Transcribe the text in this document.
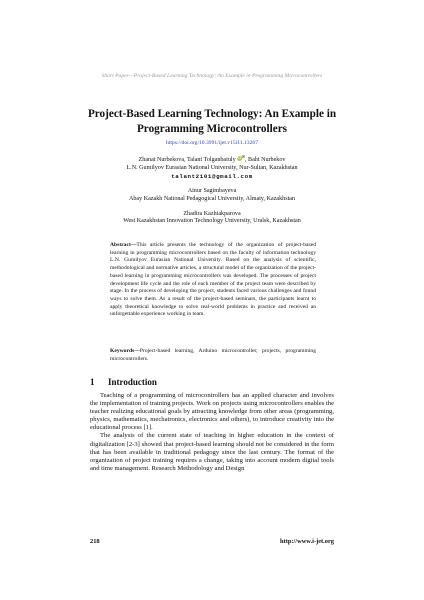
Short Paper—Project-Based Learning Technology: An Example in Programming Microcontrollers
Project-Based Learning Technology: An Example in
Programming Microcontrollers
https://doi.org/10.3991/ijet.v15i11.13267
Zhanat Nurbekova, Talant Tolganbaiuly iD✉, Baht Nurbekov
L.N. Gumilyov Eurasian National University, Nur-Sultan, Kazakhstan
talant2101@gmail.com
Ainur Sagimbayeva
Abay Kazakh National Pedagogical University, Almaty, Kazakhstan
Zhadira Kazhiakparova
West Kazakhstan Innovation Technology University, Uralsk, Kazakhstan
Abstract—This article presents the technology of the organization of project-based learning in programming microcontrollers based on the faculty of information technology L.N. Gumilyov Eurasian National University. Based on the analysis of scientific, methodological and normative articles, a structural model of the organization of the project-based learning in programming microcontrollers was developed. The processes of project development life cycle and the role of each member of the project team were described by stage. In the process of developing the project, students faced various challenges and found ways to solve them. As a result of the project-based seminars, the participants learnt to apply theoretical knowledge to solve real-world problems in practice and received an unforgettable experience working in team.
Keywords—Project-based learning, Arduino microcontroller, projects, programming microcontrollers.
1 Introduction

Teaching of a programming of microcontrollers has an applied character and involves the implementation of training projects. Work on projects using microcontrollers enables the teacher realizing educational goals by attracting knowledge from other areas (programming, physics, mathematics, mechatronics, electronics and others), to introduce creativity into the educational process [1].

The analysis of the current state of teaching in higher education in the context of digitalization [2-3] showed that project-based learning should not be considered in the form that has been available in traditional pedagogy since the last century. The format of the organization of project training requires a change, taking into account modern digital tools and time management. Research Methodology and Design

218	http://www.i-jet.org
